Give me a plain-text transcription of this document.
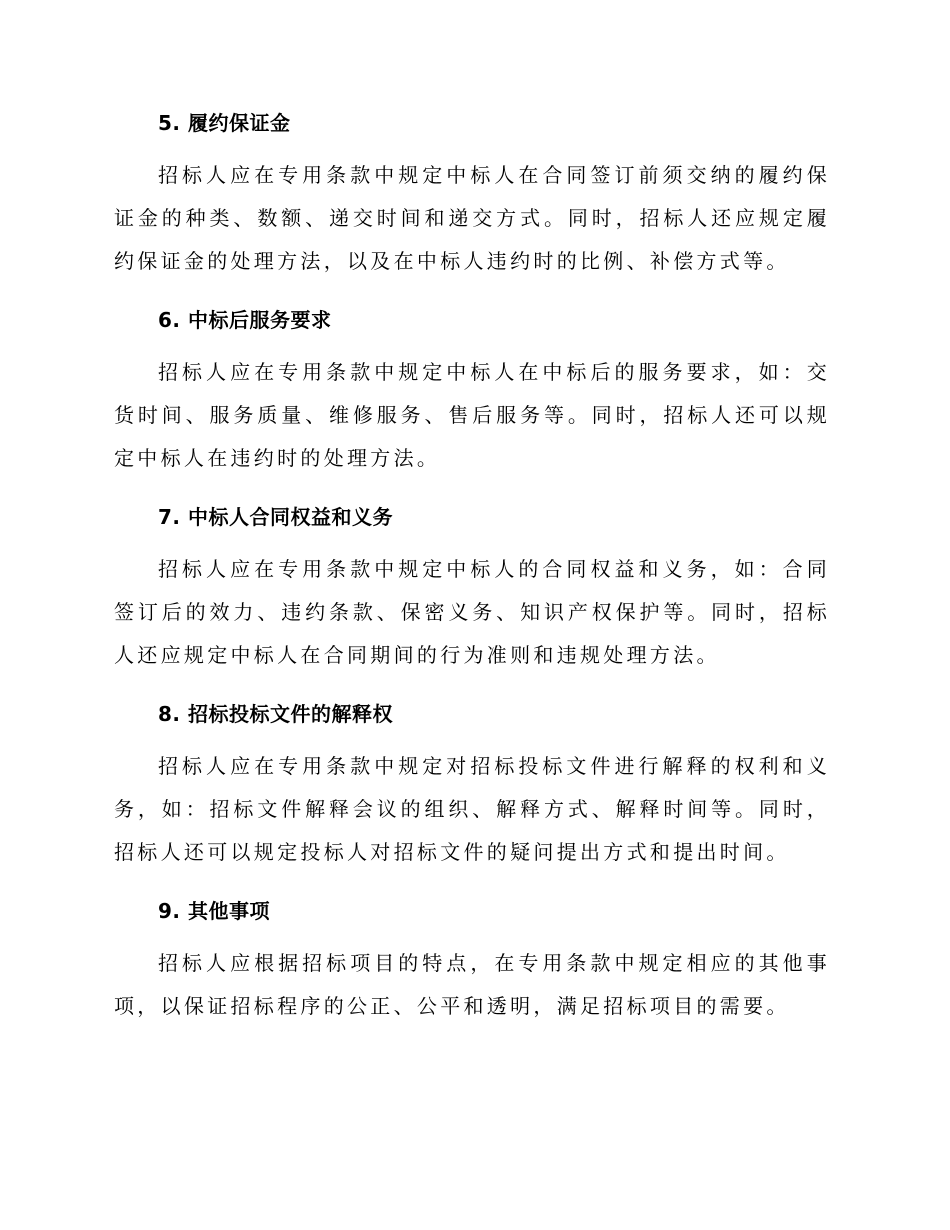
5. 履约保证金

招标人应在专用条款中规定中标人在合同签订前须交纳的履约保证金的种类、数额、递交时间和递交方式。同时，招标人还应规定履约保证金的处理方法，以及在中标人违约时的比例、补偿方式等。

6. 中标后服务要求

招标人应在专用条款中规定中标人在中标后的服务要求，如：交货时间、服务质量、维修服务、售后服务等。同时，招标人还可以规定中标人在违约时的处理方法。

7. 中标人合同权益和义务

招标人应在专用条款中规定中标人的合同权益和义务，如：合同签订后的效力、违约条款、保密义务、知识产权保护等。同时，招标人还应规定中标人在合同期间的行为准则和违规处理方法。

8. 招标投标文件的解释权

招标人应在专用条款中规定对招标投标文件进行解释的权利和义务，如：招标文件解释会议的组织、解释方式、解释时间等。同时，招标人还可以规定投标人对招标文件的疑问提出方式和提出时间。

9. 其他事项

招标人应根据招标项目的特点，在专用条款中规定相应的其他事项，以保证招标程序的公正、公平和透明，满足招标项目的需要。
